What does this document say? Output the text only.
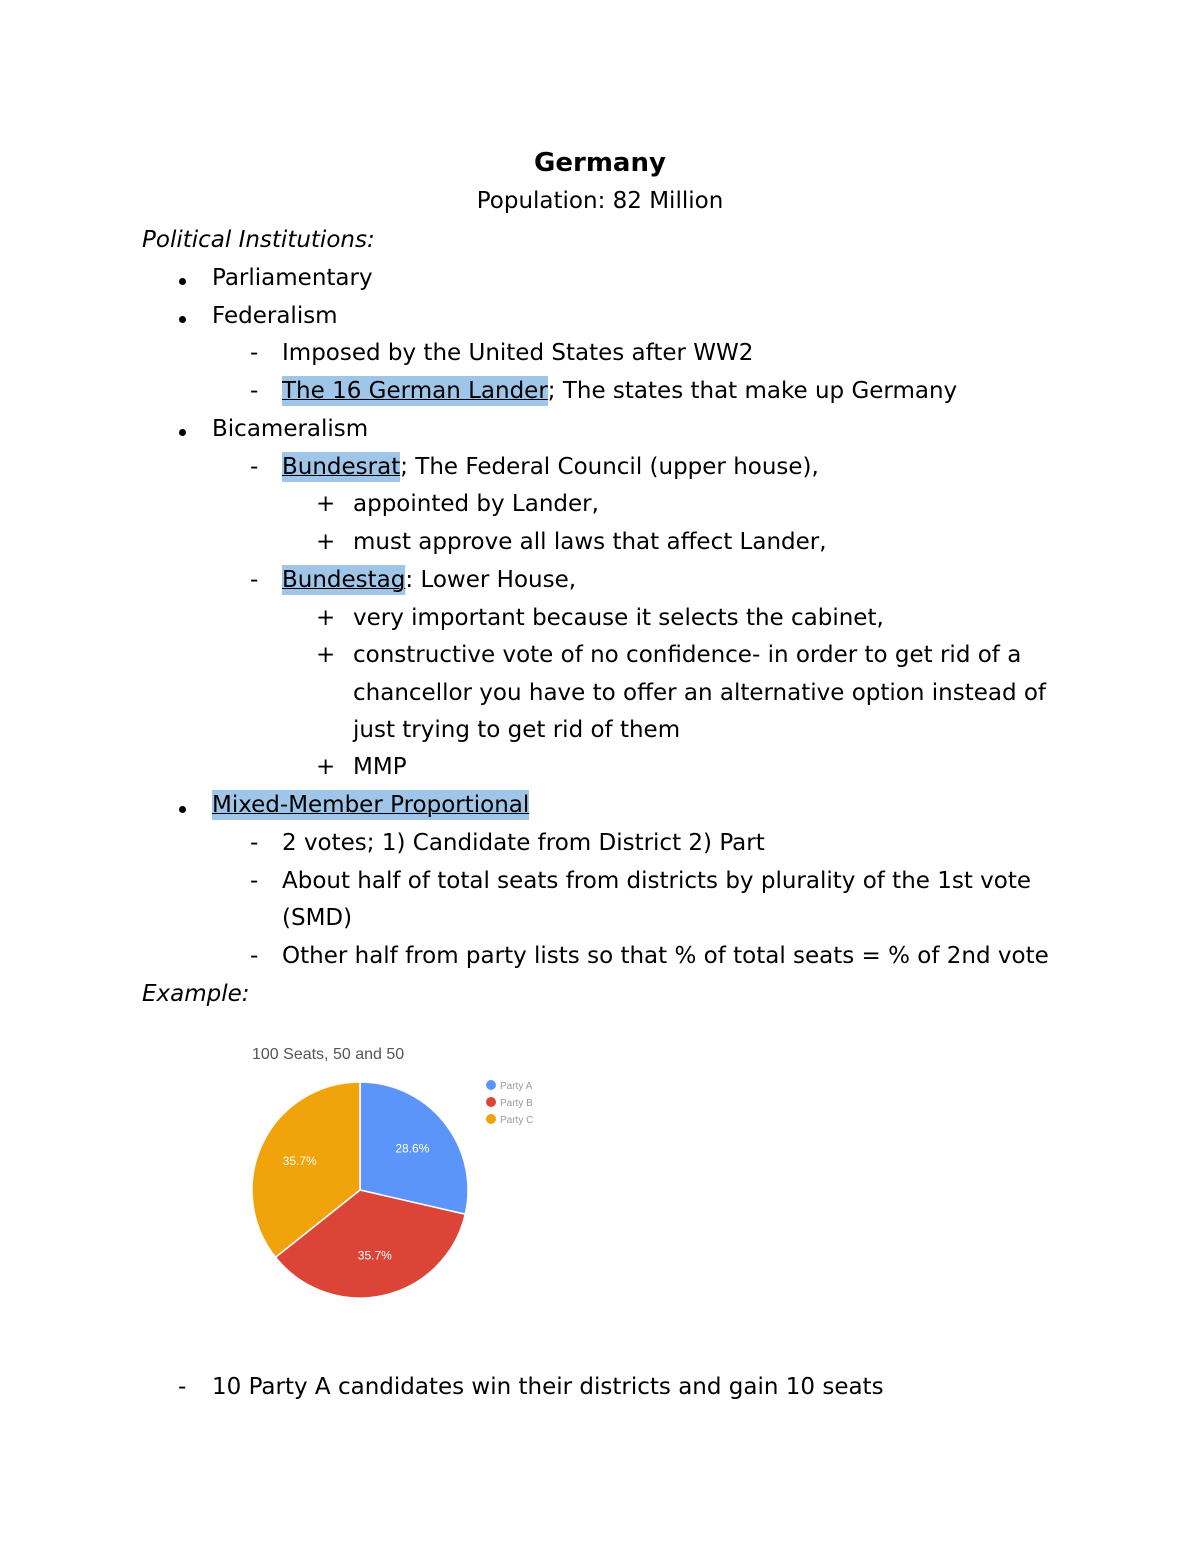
Germany
Population: 82 Million
Political Institutions:
Parliamentary
Federalism
- Imposed by the United States after WW2
- The 16 German Lander; The states that make up Germany
Bicameralism
- Bundesrat; The Federal Council (upper house),
+ appointed by Lander,
+ must approve all laws that affect Lander,
- Bundestag: Lower House,
+ very important because it selects the cabinet,
+ constructive vote of no confidence- in order to get rid of a
chancellor you have to offer an alternative option instead of
just trying to get rid of them
+ MMP
Mixed-Member Proportional
- 2 votes; 1) Candidate from District 2) Part
- About half of total seats from districts by plurality of the 1st vote
(SMD)
- Other half from party lists so that % of total seats = % of 2nd vote
Example:
100 Seats, 50 and 50
28.6%
35.7%
35.7%
Party A
Party B
Party C
- 10 Party A candidates win their districts and gain 10 seats
